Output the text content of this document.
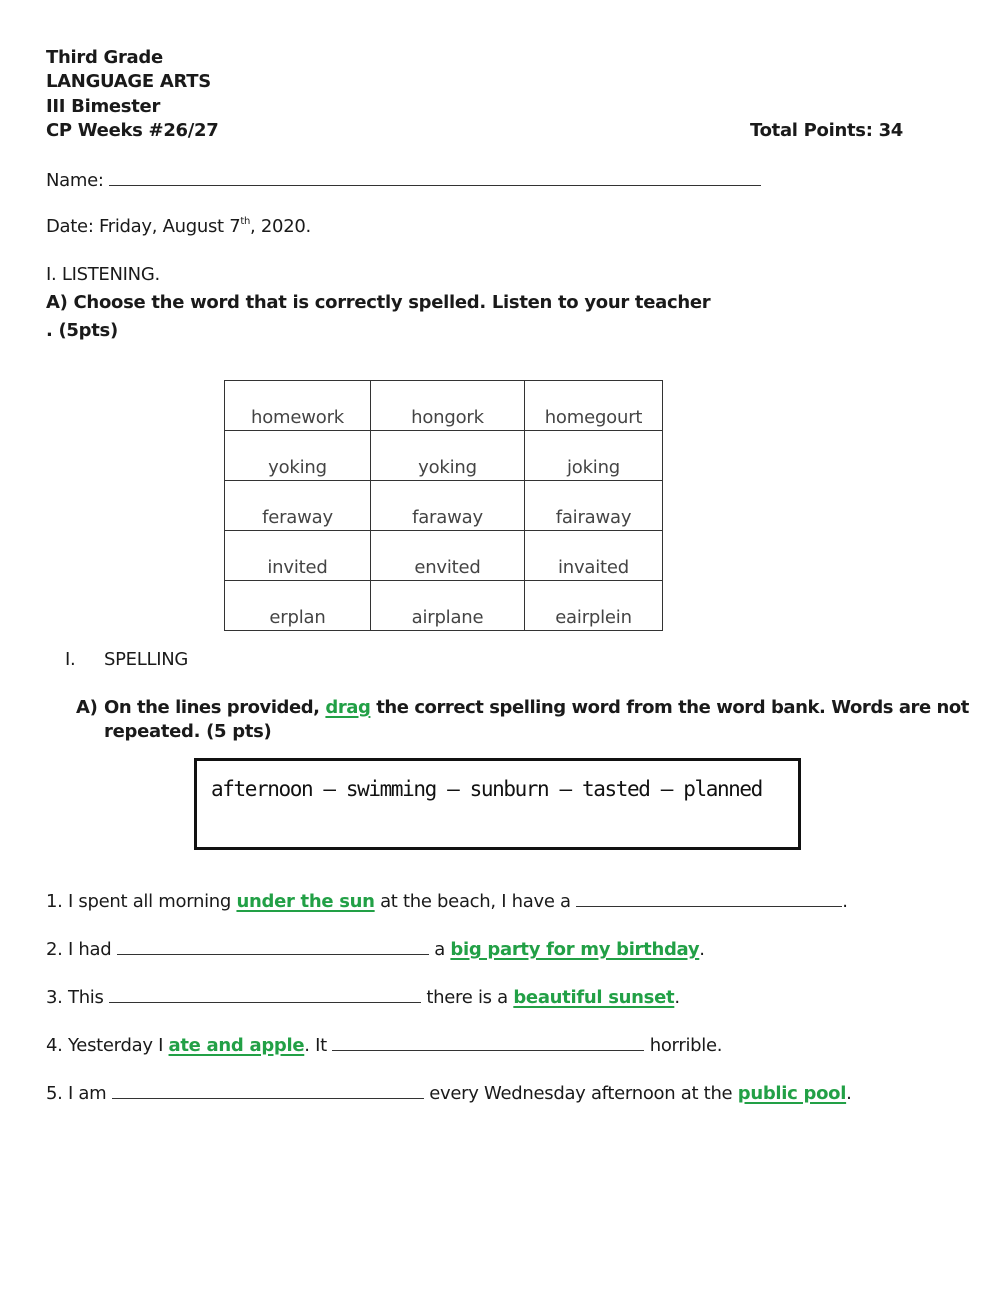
Third Grade
LANGUAGE ARTS
III Bimester
CP Weeks #26/27	Total Points: 34
Name:
Date: Friday, August 7th, 2020.
I. LISTENING.
A) Choose the word that is correctly spelled. Listen to your teacher
. (5pts)
homework	hongork	homegourt
yoking	yoking	joking
feraway	faraway	fairaway
invited	envited	invaited
erplan	airplane	eairplein
I. SPELLING
A) On the lines provided, drag the correct spelling word from the word bank. Words are not
repeated. (5 pts)
afternoon – swimming – sunburn – tasted – planned
1. I spent all morning under the sun at the beach, I have a	.
2. I had	a big party for my birthday.
3. This	there is a beautiful sunset.
4. Yesterday I ate and apple. It	horrible.
5. I am	every Wednesday afternoon at the public pool.
